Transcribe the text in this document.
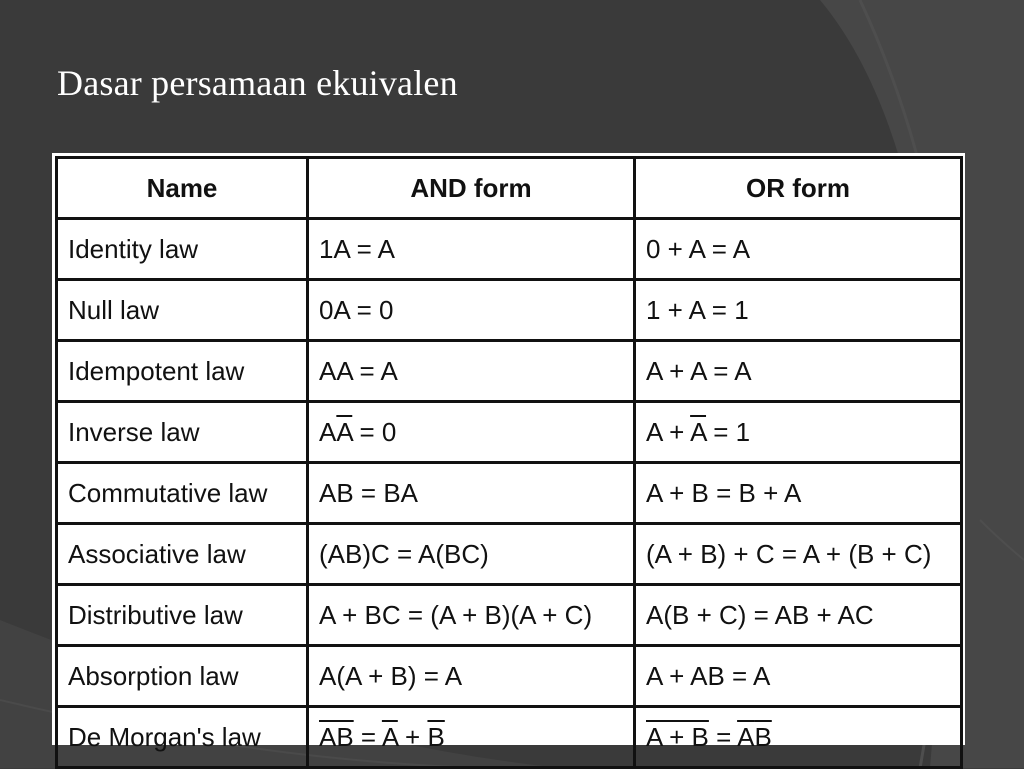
Dasar persamaan ekuivalen
Name	AND form	OR form
Identity law	1A = A	0 + A = A
Null law	0A = 0	1 + A = 1
Idempotent law	AA = A	A + A = A
Inverse law	$A\overline{A} = 0$	$A + \overline{A} = 1$
Commutative law	AB = BA	A + B = B + A
Associative law	(AB)C = A(BC)	(A + B) + C = A + (B + C)
Distributive law	A + BC = (A + B)(A + C)	A(B + C) = AB + AC
Absorption law	A(A + B) = A	A + AB = A
De Morgan's law	$\overline{AB} = \overline{A} + \overline{B}$	$A + B = \overline{A}\overline{B}$
